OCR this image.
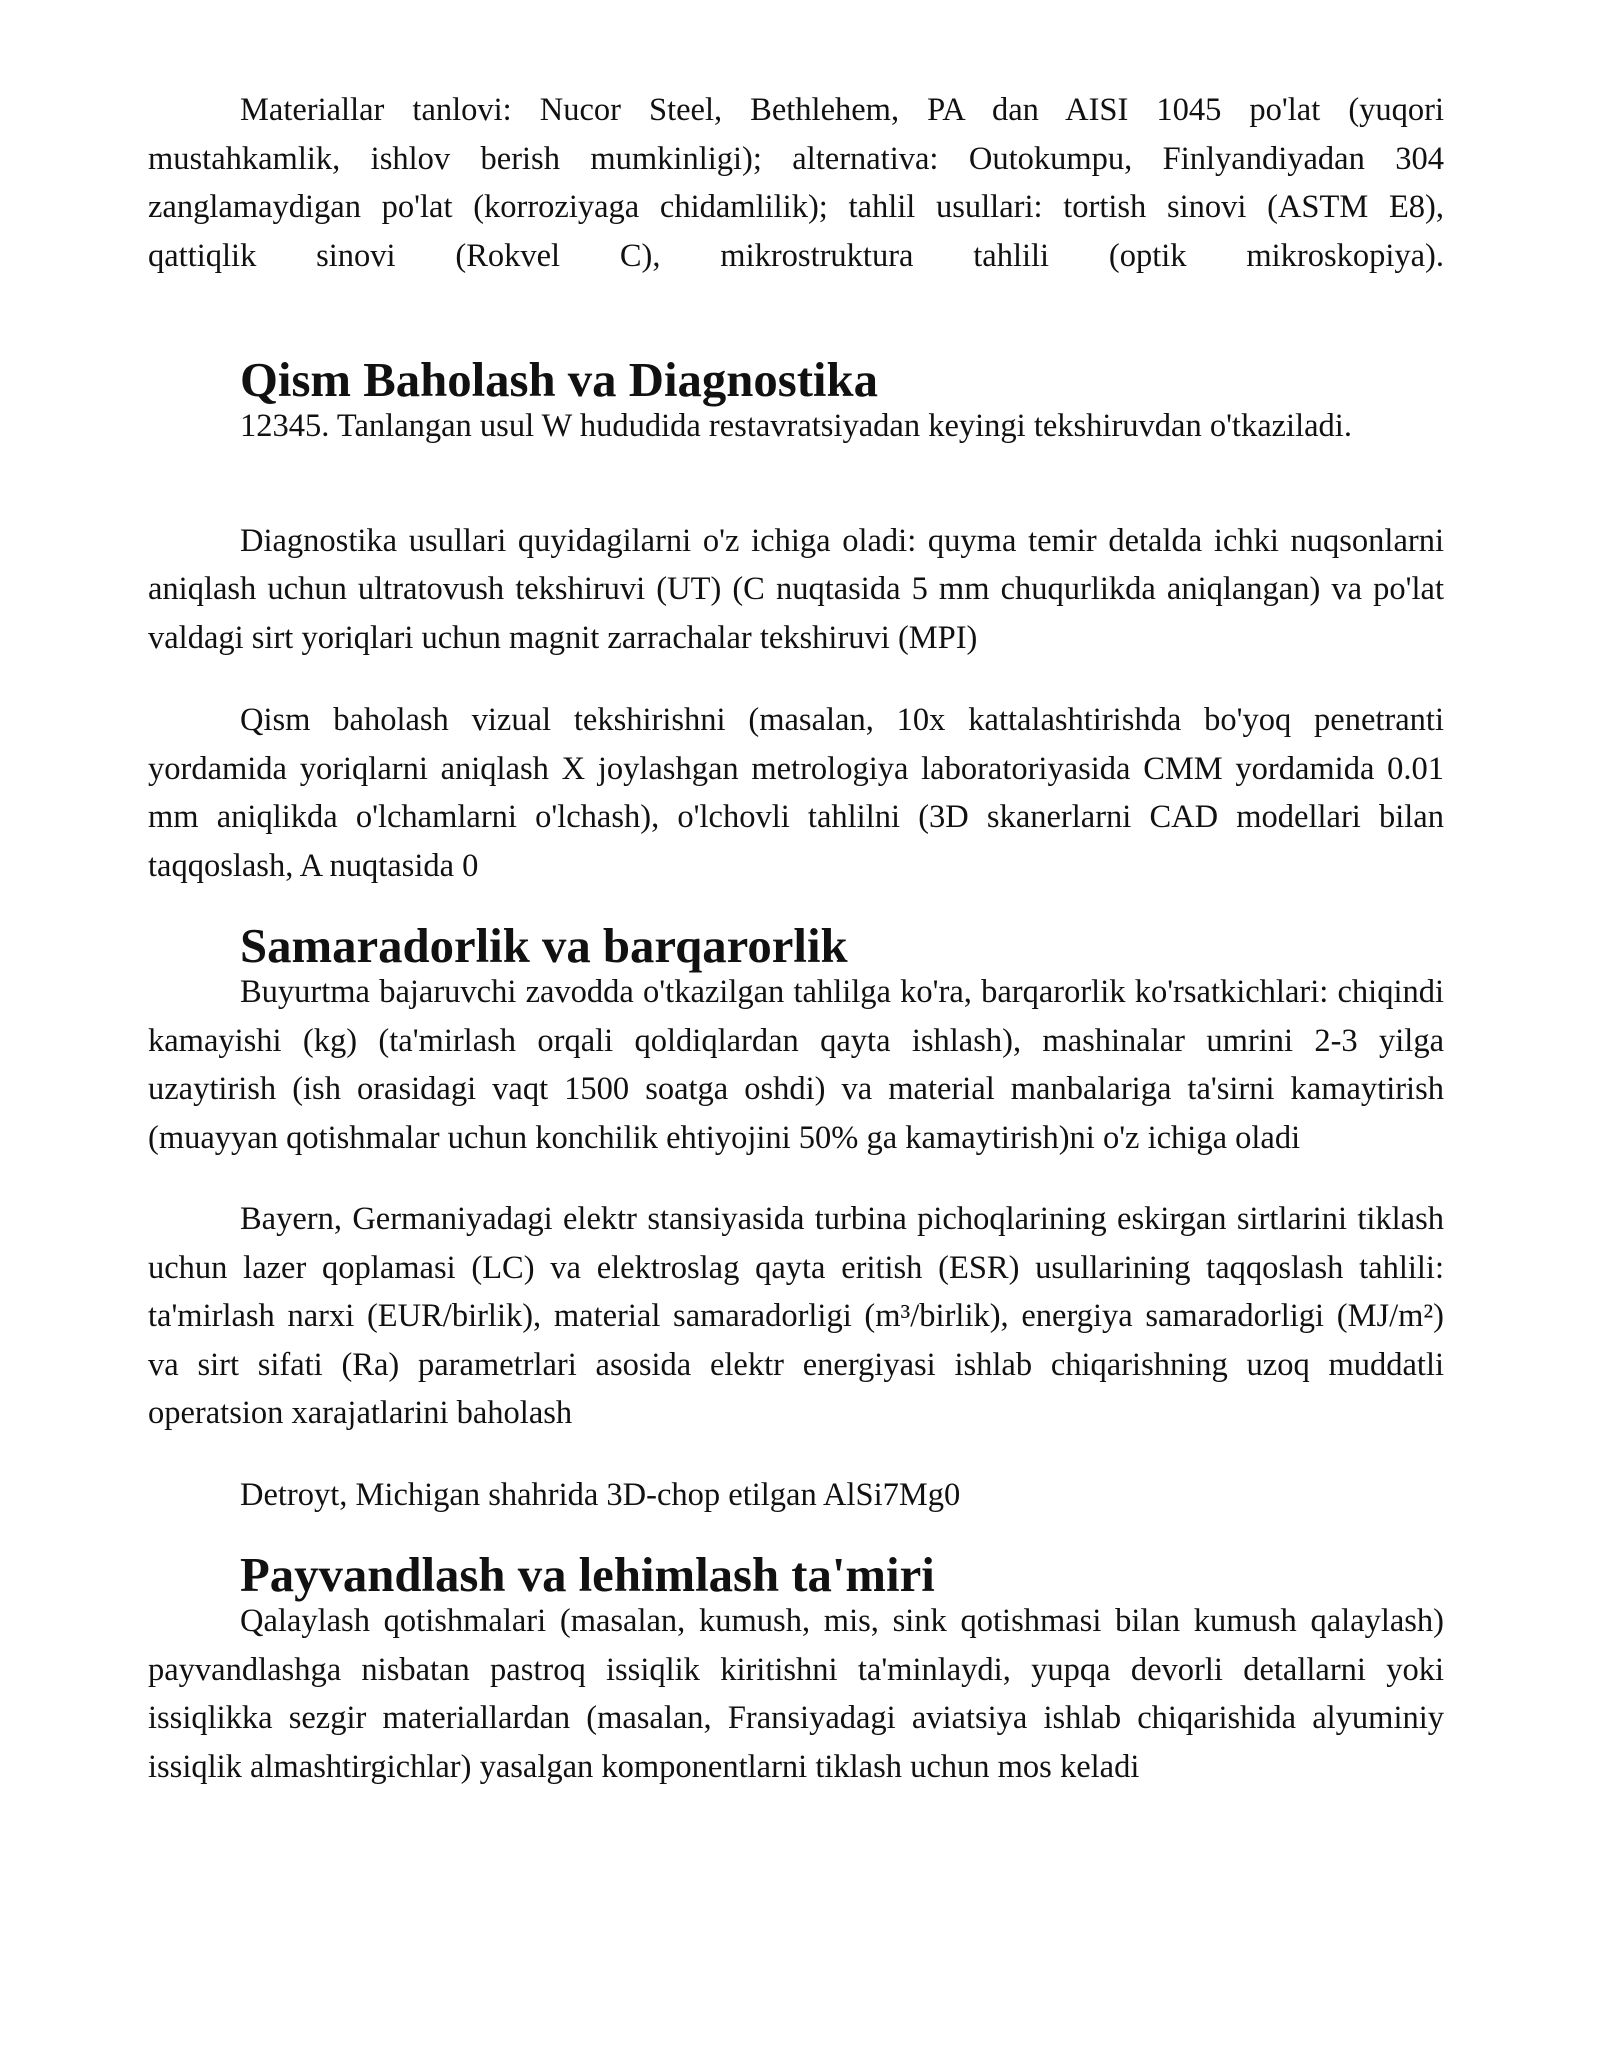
Materiallar tanlovi: Nucor Steel, Bethlehem, PA dan AISI 1045 po'lat (yuqori mustahkamlik, ishlov berish mumkinligi); alternativa: Outokumpu, Finlyandiyadan 304 zanglamaydigan po'lat (korroziyaga chidamlilik); tahlil usullari: tortish sinovi (ASTM E8), qattiqlik sinovi (Rokvel C), mikrostruktura tahlili (optik mikroskopiya).

Qism Baholash va Diagnostika

12345. Tanlangan usul W hududida restavratsiyadan keyingi tekshiruvdan o'tkaziladi.

Diagnostika usullari quyidagilarni o'z ichiga oladi: quyma temir detalda ichki nuqsonlarni aniqlash uchun ultratovush tekshiruvi (UT) (C nuqtasida 5 mm chuqurlikda aniqlangan) va po'lat valdagi sirt yoriqlari uchun magnit zarrachalar tekshiruvi (MPI)

Qism baholash vizual tekshirishni (masalan, 10x kattalashtirishda bo'yoq penetranti yordamida yoriqlarni aniqlash X joylashgan metrologiya laboratoriyasida CMM yordamida 0.01 mm aniqlikda o'lchamlarni o'lchash), o'lchovli tahlilni (3D skanerlarni CAD modellari bilan taqqoslash, A nuqtasida 0

Samaradorlik va barqarorlik

Buyurtma bajaruvchi zavodda o'tkazilgan tahlilga ko'ra, barqarorlik ko'rsatkichlari: chiqindi kamayishi (kg) (ta'mirlash orqali qoldiqlardan qayta ishlash), mashinalar umrini 2-3 yilga uzaytirish (ish orasidagi vaqt 1500 soatga oshdi) va material manbalariga ta'sirni kamaytirish (muayyan qotishmalar uchun konchilik ehtiyojini 50% ga kamaytirish)ni o'z ichiga oladi

Bayern, Germaniyadagi elektr stansiyasida turbina pichoqlarining eskirgan sirtlarini tiklash uchun lazer qoplamasi (LC) va elektroslag qayta eritish (ESR) usullarining taqqoslash tahlili: ta'mirlash narxi (EUR/birlik), material samaradorligi (m³/birlik), energiya samaradorligi (MJ/m²) va sirt sifati (Ra) parametrlari asosida elektr energiyasi ishlab chiqarishning uzoq muddatli operatsion xarajatlarini baholash

Detroyt, Michigan shahrida 3D-chop etilgan AlSi7Mg0

Payvandlash va lehimlash ta'miri

Qalaylash qotishmalari (masalan, kumush, mis, sink qotishmasi bilan kumush qalaylash) payvandlashga nisbatan pastroq issiqlik kiritishni ta'minlaydi, yupqa devorli detallarni yoki issiqlikka sezgir materiallardan (masalan, Fransiyadagi aviatsiya ishlab chiqarishida alyuminiy issiqlik almashtirgichlar) yasalgan komponentlarni tiklash uchun mos keladi
